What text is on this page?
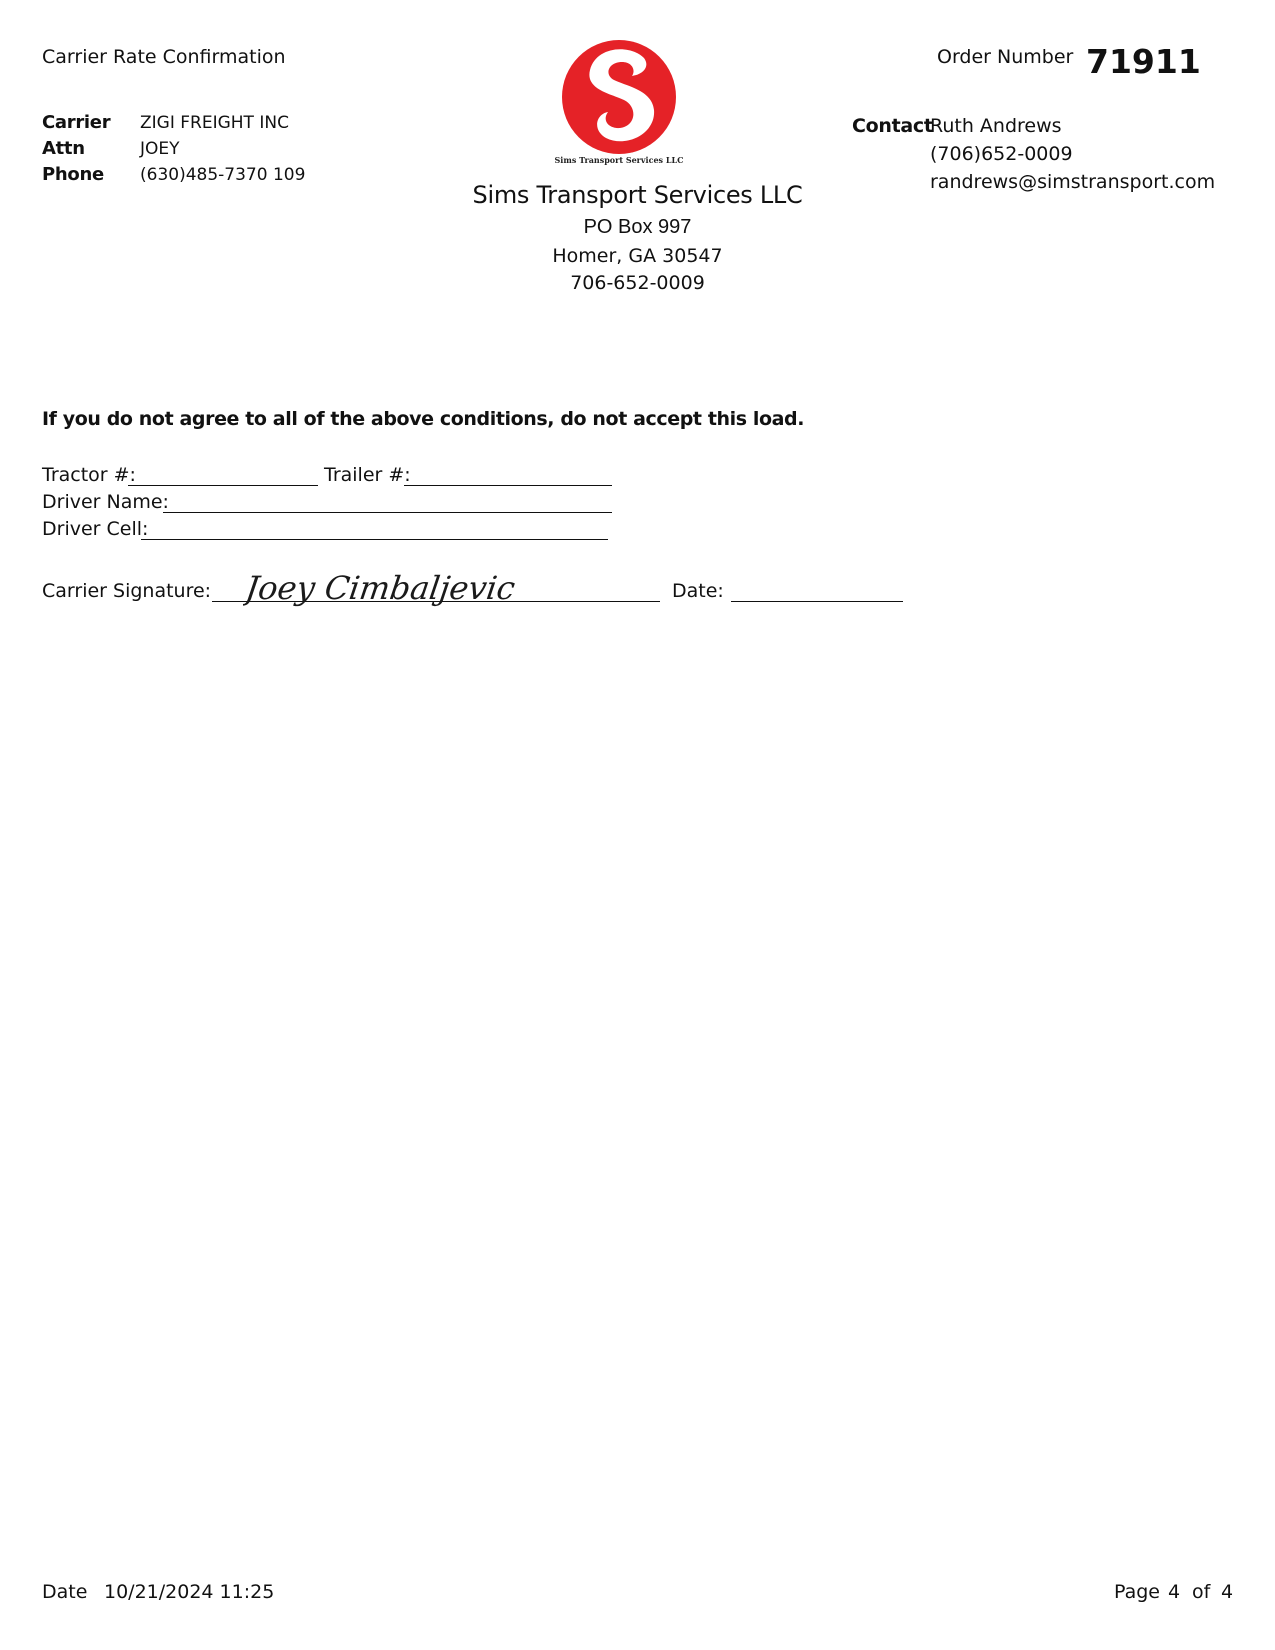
Carrier Rate Confirmation
Carrier ZIGI FREIGHT INC
Attn	JOEY
Phone (630)485-7370 109
Sims Transport Services LLC
Sims Transport Services LLC
PO Box 997
Homer, GA 30547
706-652-0009
Order Number 71911
Contact
Ruth Andrews
(706)652-0009
randrews@simstransport.com
If you do not agree to all of the above conditions, do not accept this load.
Tractor #:	Trailer #:
Driver Name:
Driver Cell:
Carrier Signature: Joey Cimbaljevic	Date:
Date 10/21/2024 11:25	Page 4 of 4
